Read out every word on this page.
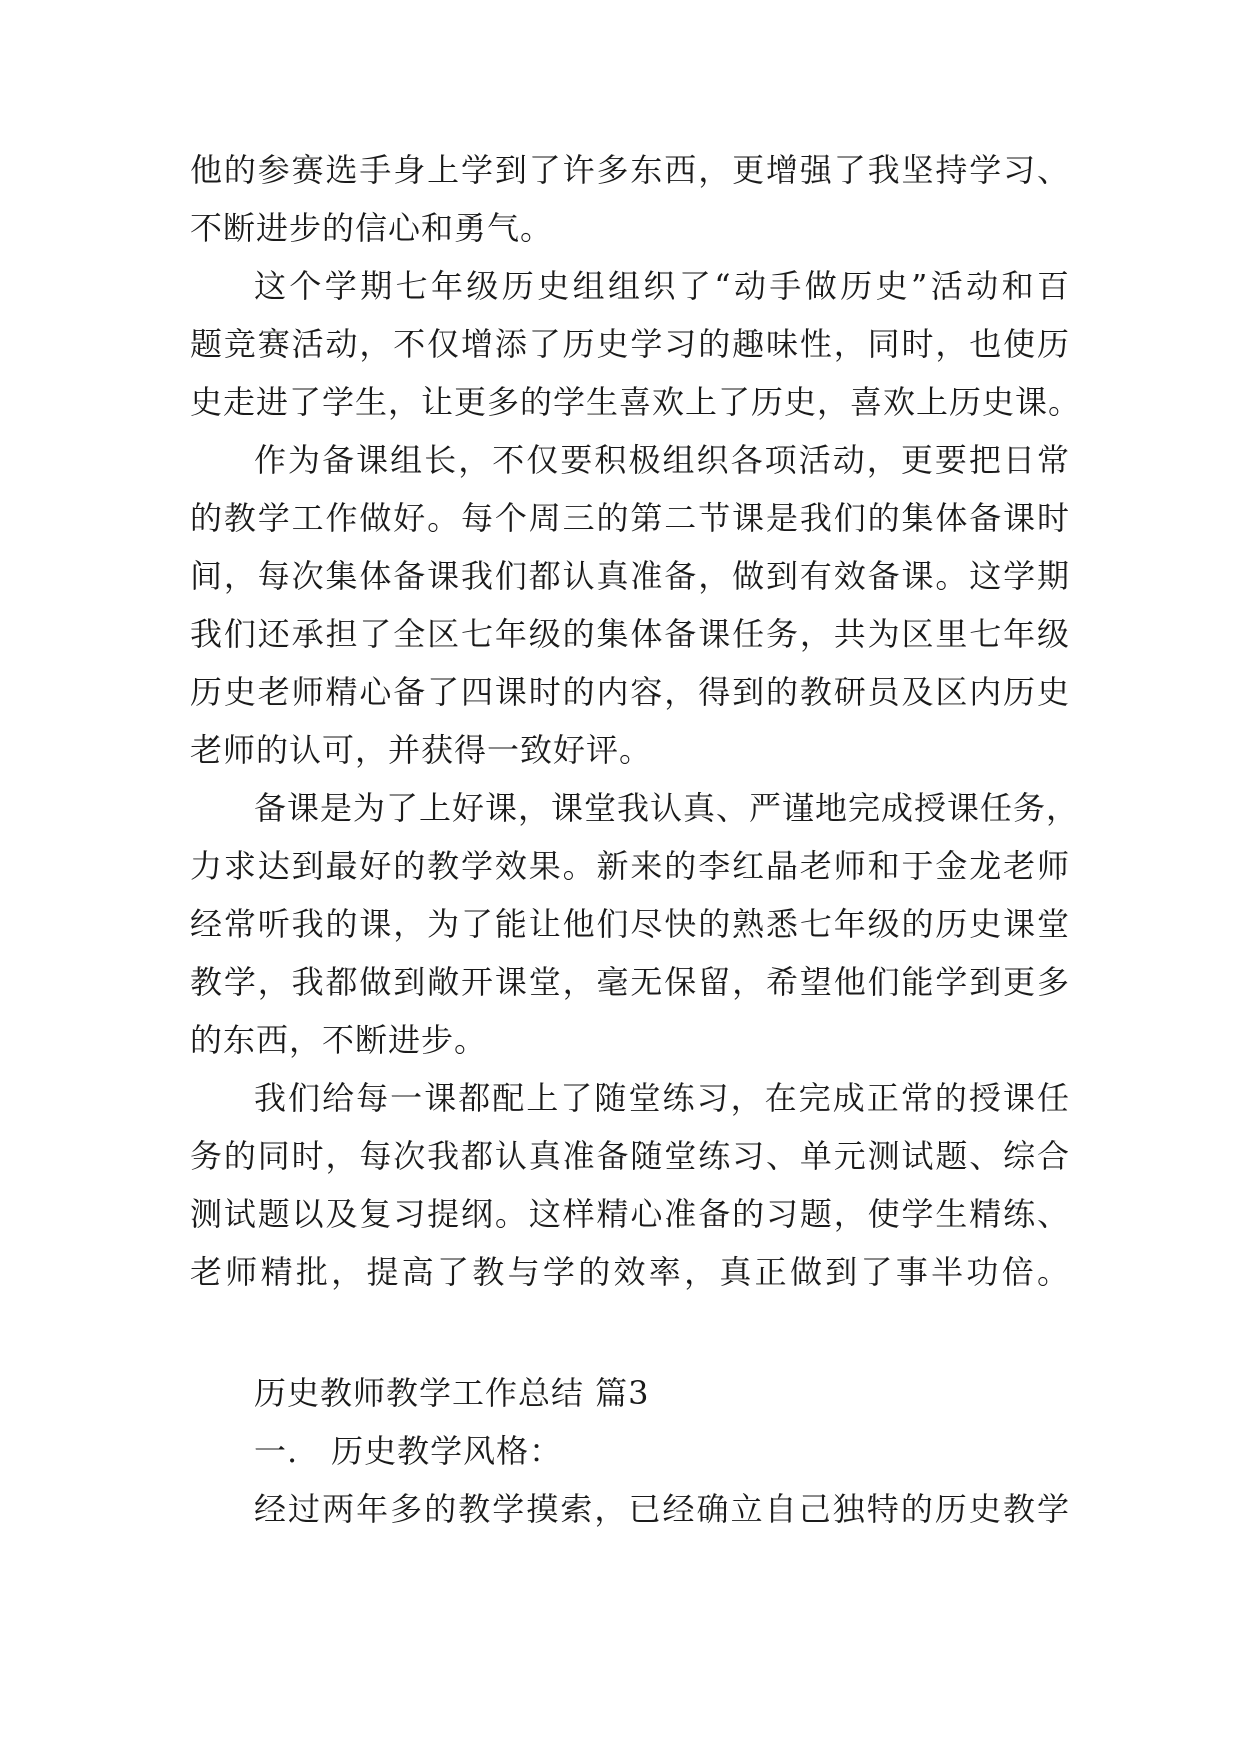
他的参赛选手身上学到了许多东西，更增强了我坚持学习、
不断进步的信心和勇气。
这个学期七年级历史组组织了“动手做历史”活动和百
题竞赛活动，不仅增添了历史学习的趣味性，同时，也使历
史走进了学生，让更多的学生喜欢上了历史，喜欢上历史课。
作为备课组长，不仅要积极组织各项活动，更要把日常
的教学工作做好。每个周三的第二节课是我们的集体备课时
间，每次集体备课我们都认真准备，做到有效备课。这学期
我们还承担了全区七年级的集体备课任务，共为区里七年级
历史老师精心备了四课时的内容，得到的教研员及区内历史
老师的认可，并获得一致好评。
备课是为了上好课，课堂我认真、严谨地完成授课任务，
力求达到最好的教学效果。新来的李红晶老师和于金龙老师
经常听我的课，为了能让他们尽快的熟悉七年级的历史课堂
教学，我都做到敞开课堂，毫无保留，希望他们能学到更多
的东西，不断进步。
我们给每一课都配上了随堂练习，在完成正常的授课任
务的同时，每次我都认真准备随堂练习、单元测试题、综合
测试题以及复习提纲。这样精心准备的习题，使学生精练、
老师精批，提高了教与学的效率，真正做到了事半功倍。
历史教师教学工作总结 篇3
一.　历史教学风格：
经过两年多的教学摸索，已经确立自己独特的历史教学
